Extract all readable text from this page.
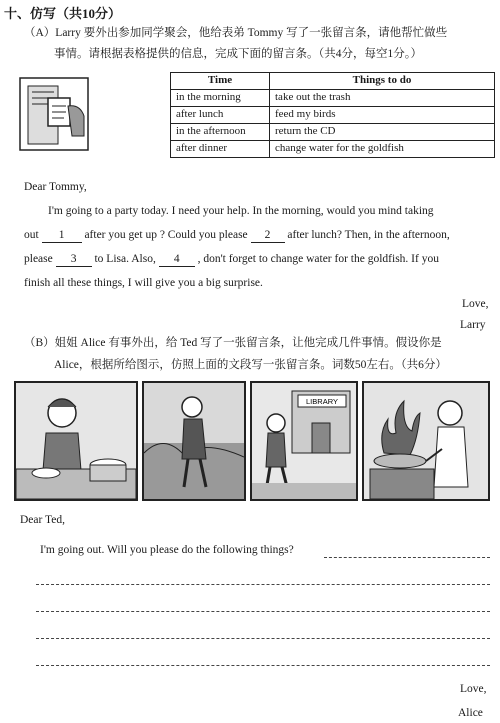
十、仿写（共10分）
（A）Larry 要外出参加同学聚会，他给表弟 Tommy 写了一张留言条，请他帮忙做些
事情。请根据表格提供的信息，完成下面的留言条。（共4分，每空1分。）
Time	Things to do
in the morning	take out the trash
after lunch	feed my birds
in the afternoon	return the CD
after dinner	change water for the goldfish
Dear Tommy,
I'm going to a party today. I need your help. In the morning, would you mind taking
out 1 after you get up ? Could you please 2 after lunch? Then, in the afternoon,
please 3 to Lisa. Also, 4 , don't forget to change water for the goldfish. If you
finish all these things, I will give you a big surprise.
Love,
Larry
（B）姐姐 Alice 有事外出，给 Ted 写了一张留言条，让他完成几件事情。假设你是
Alice，根据所给图示，仿照上面的文段写一张留言条。词数50左右。（共6分）
LIBRARY
Dear Ted,
I'm going out. Will you please do the following things?
Love,
Alice
